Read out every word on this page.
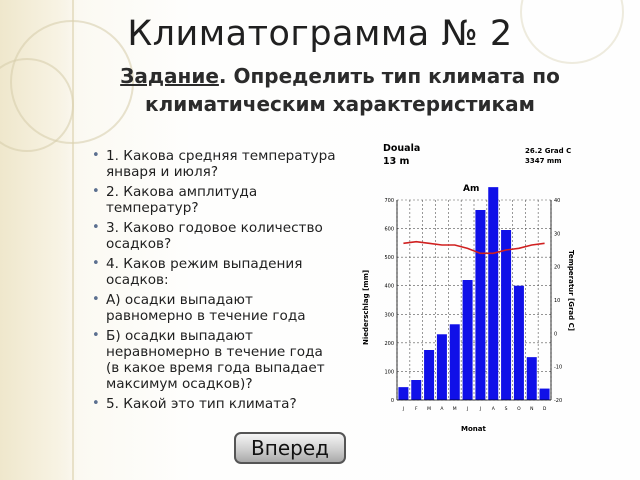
Климатограмма № 2
Задание. Определить тип климата по климатическим характеристикам
• 1. Какова средняя температура января и июля?
• 2. Какова амплитуда температур?
• 3. Каково годовое количество осадков?
• 4. Каков режим выпадения осадков:
• А) осадки выпадают равномерно в течение года
• Б) осадки выпадают неравномерно в течение года (в какое время года выпадает максимум осадков)?
• 5. Какой это тип климата?
Douala
13 m
26.2 Grad C
3347 mm
Am
Monat
Niederschlag [mm]	Temperatur [Grad C]
0
100
200
300
400
500
600
700
-20
-10
0
10
20
30
40
J F M A M J	J A S O N D
Вперед
